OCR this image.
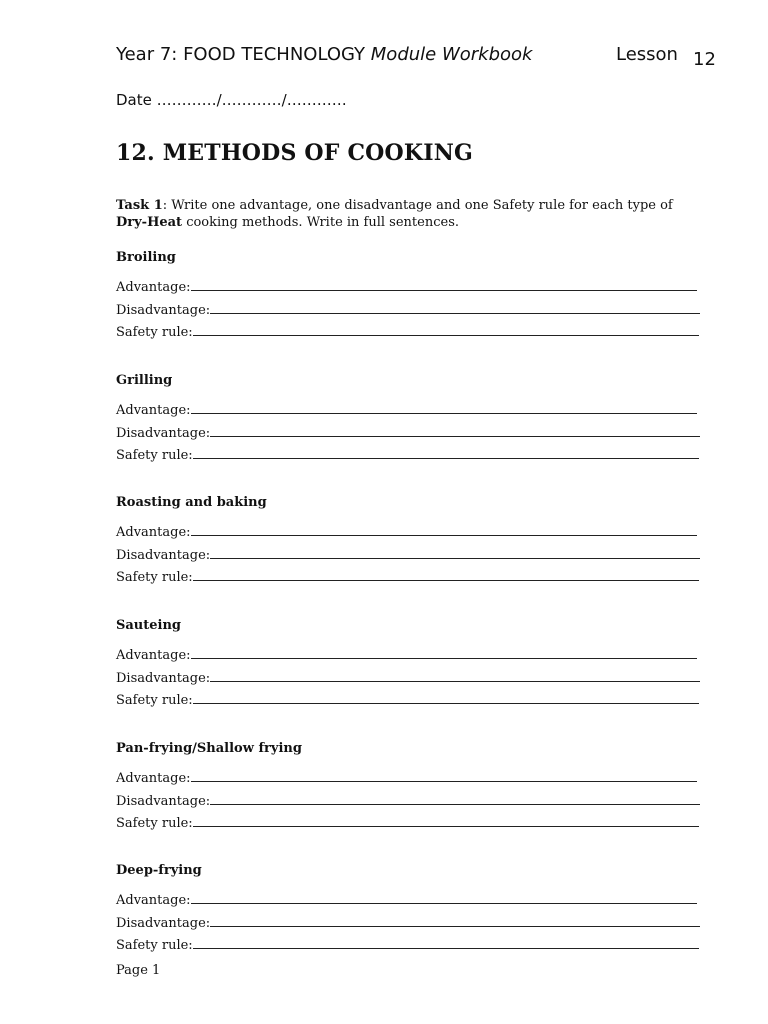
Year 7: FOOD TECHNOLOGY Module Workbook	Lesson 12
Date …………/…………/…………
12. METHODS OF COOKING
Task 1: Write one advantage, one disadvantage and one Safety rule for each type of Dry-Heat cooking methods. Write in full sentences.
Broiling
Advantage:
Disadvantage:
Safety rule:
Grilling
Advantage:
Disadvantage:
Safety rule:
Roasting and baking
Advantage:
Disadvantage:
Safety rule:
Sauteing
Advantage:
Disadvantage:
Safety rule:
Pan-frying/Shallow frying
Advantage:
Disadvantage:
Safety rule:
Deep-frying
Advantage:
Disadvantage:
Safety rule:
Page 1
